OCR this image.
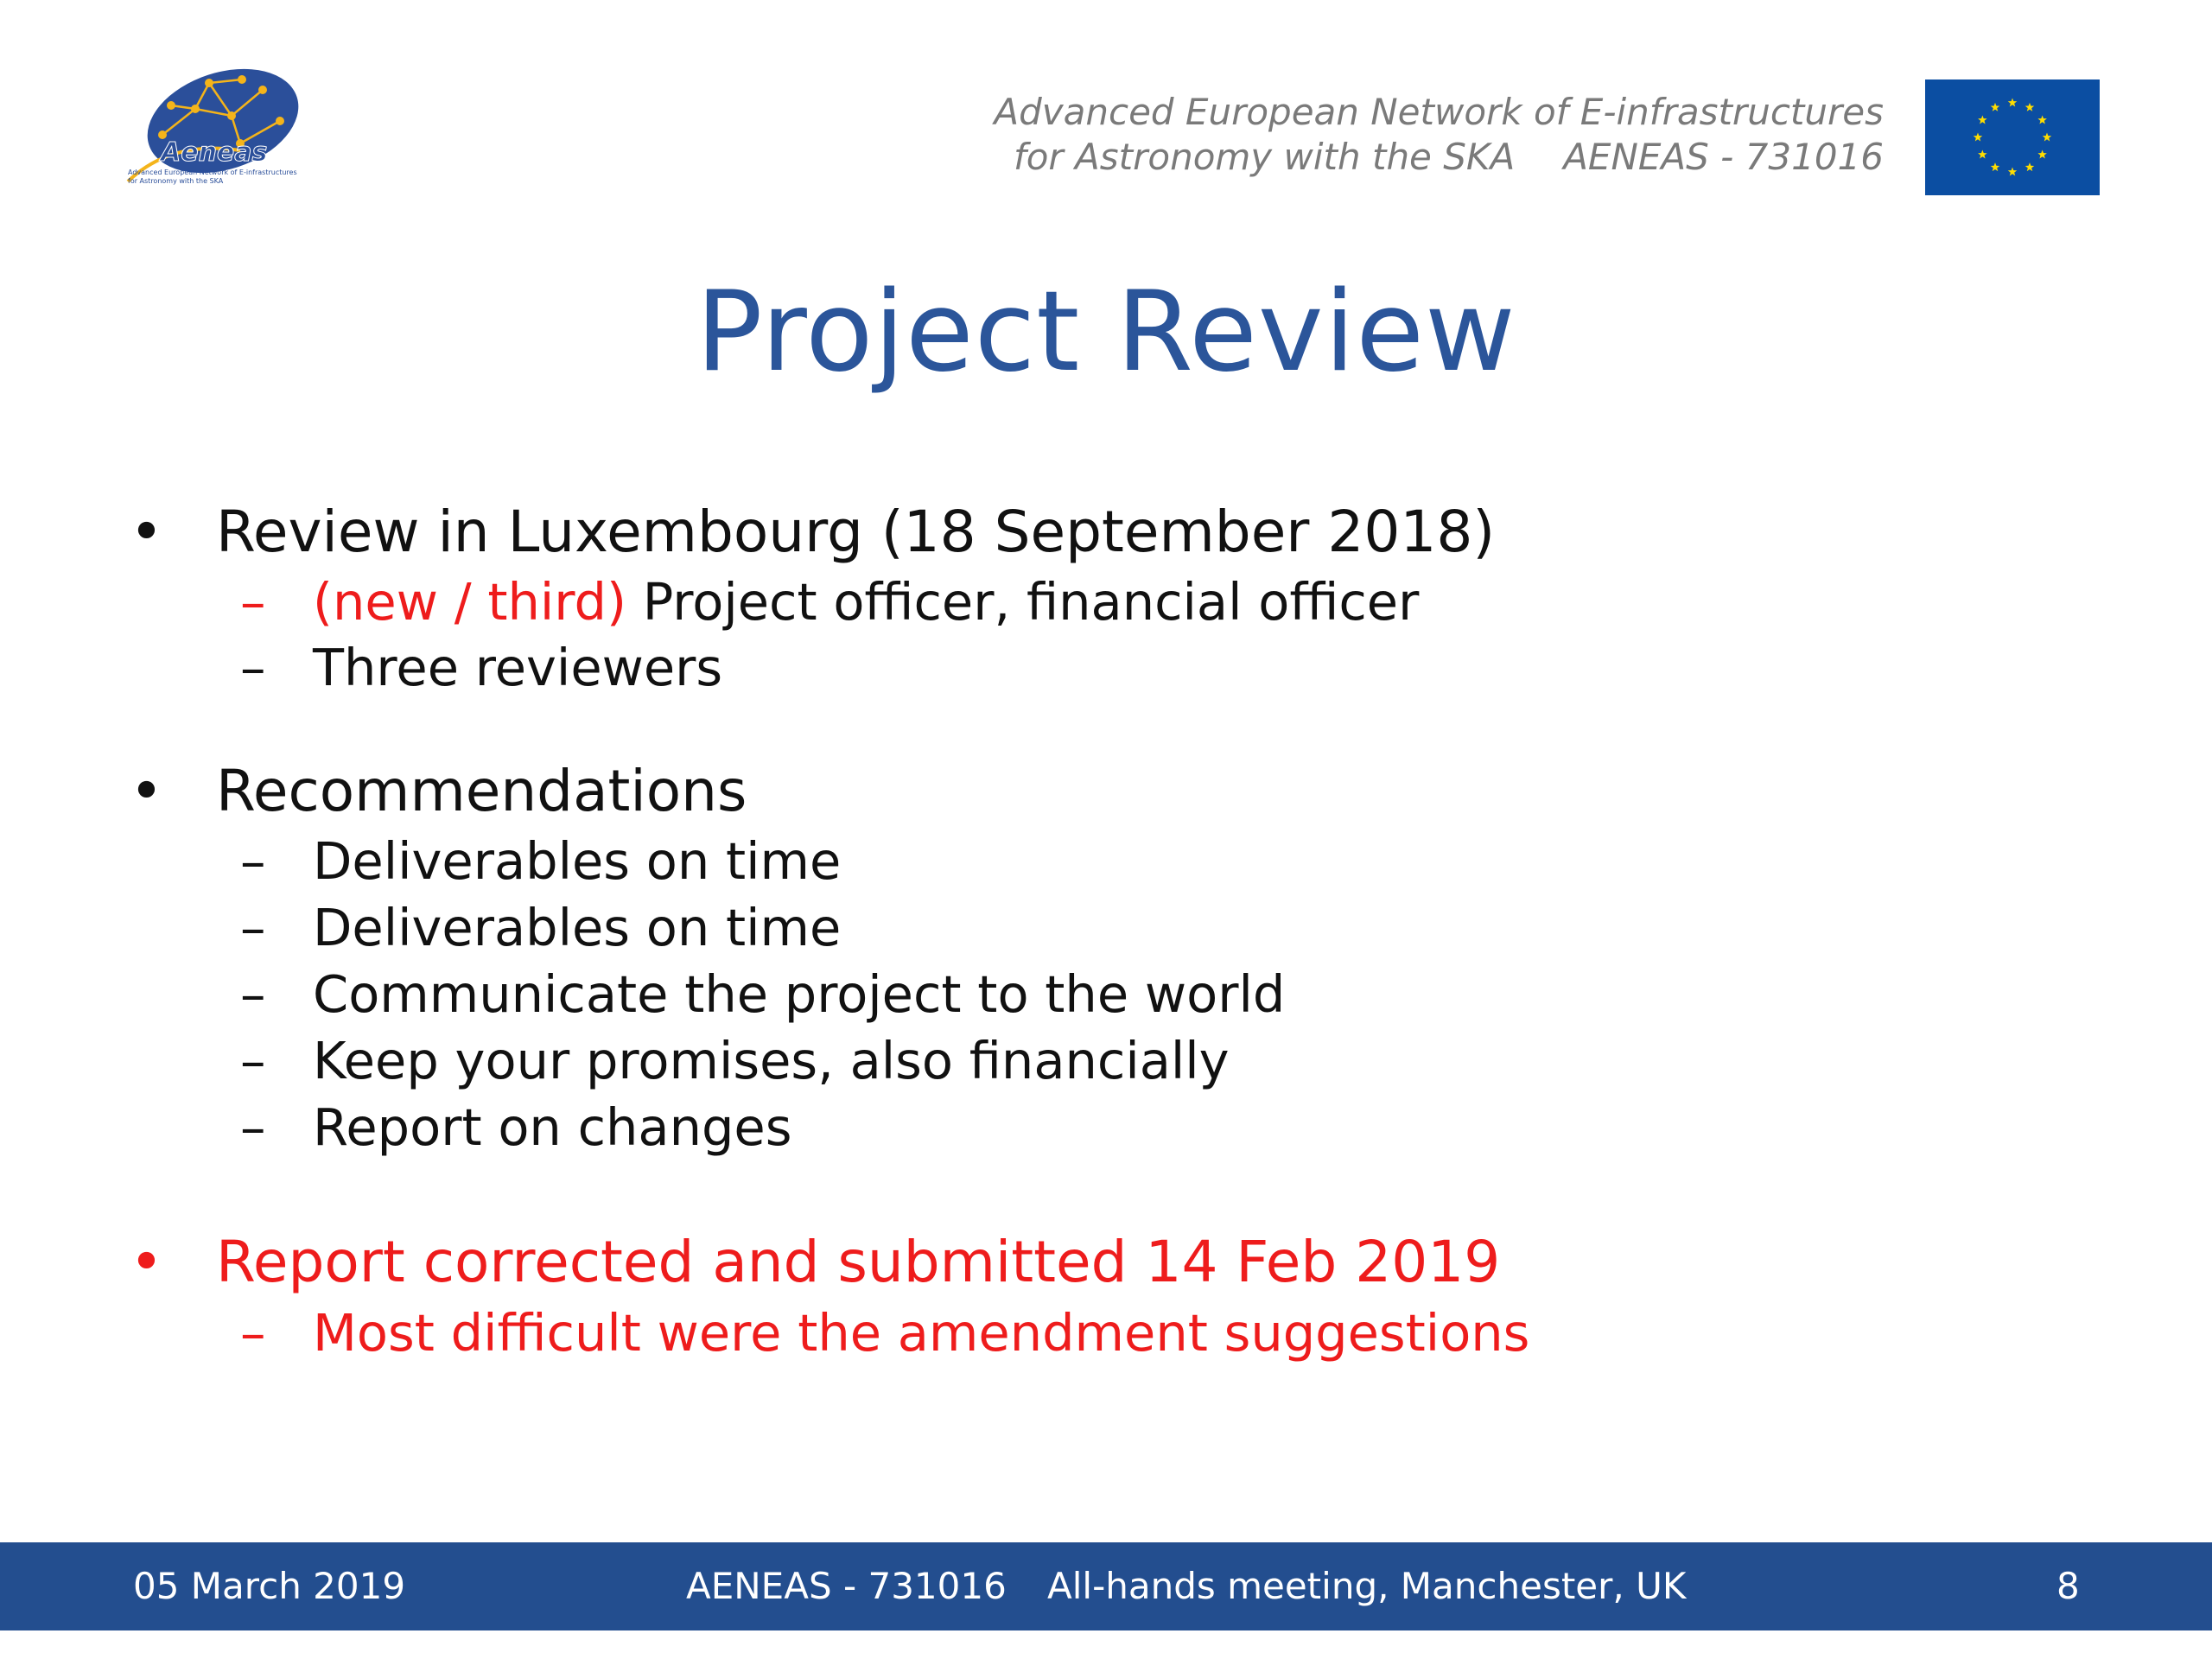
Aeneas
Advanced European Network of E-infrastructures
for Astronomy with the SKA
Advanced European Network of E-infrastructures
for Astronomy with the SKA AENEAS - 731016
Project Review
• Review in Luxembourg (18 September 2018)
– (new / third) Project officer, financial officer
– Three reviewers
• Recommendations
– Deliverables on time
– Deliverables on time
– Communicate the project to the world
– Keep your promises, also financially
– Report on changes
• Report corrected and submitted 14 Feb 2019
– Most difficult were the amendment suggestions
05 March 2019	AENEAS - 731016 All-hands meeting, Manchester, UK	8
